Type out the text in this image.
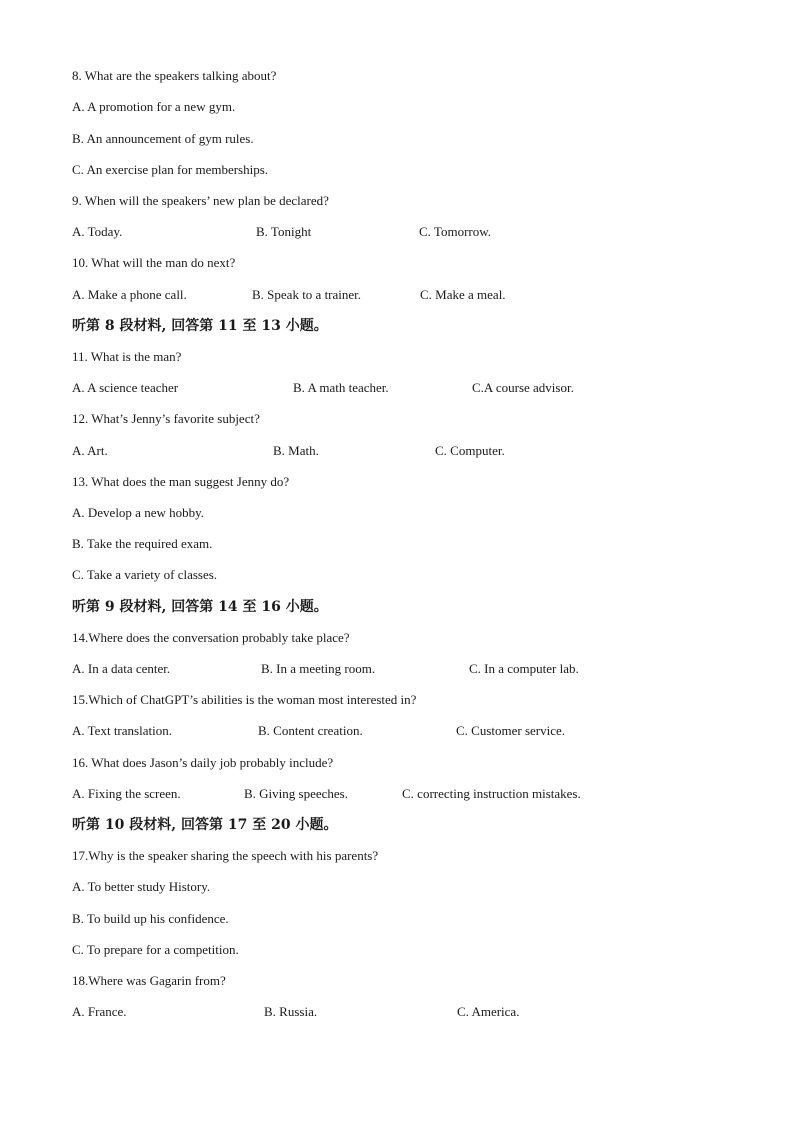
8. What are the speakers talking about?
A. A promotion for a new gym.
B. An announcement of gym rules.
C. An exercise plan for memberships.
9. When will the speakers’ new plan be declared?
A. Today.	B. Tonight	C. Tomorrow.
10. What will the man do next?
A. Make a phone call.	B. Speak to a trainer.	C. Make a meal.
听第 8 段材料, 回答第 11 至 13 小题。
11. What is the man?
A. A science teacher	B. A math teacher.	C.A course advisor.
12. What’s Jenny’s favorite subject?
A. Art.	B. Math.	C. Computer.
13. What does the man suggest Jenny do?
A. Develop a new hobby.
B. Take the required exam.
C. Take a variety of classes.
听第 9 段材料, 回答第 14 至 16 小题。
14.Where does the conversation probably take place?
A. In a data center.	B. In a meeting room.	C. In a computer lab.
15.Which of ChatGPT’s abilities is the woman most interested in?
A. Text translation.	B. Content creation.	C. Customer service.
16. What does Jason’s daily job probably include?
A. Fixing the screen.	B. Giving speeches.	C. correcting instruction mistakes.
听第 10 段材料, 回答第 17 至 20 小题。
17.Why is the speaker sharing the speech with his parents?
A. To better study History.
B. To build up his confidence.
C. To prepare for a competition.
18.Where was Gagarin from?
A. France.	B. Russia.	C. America.
